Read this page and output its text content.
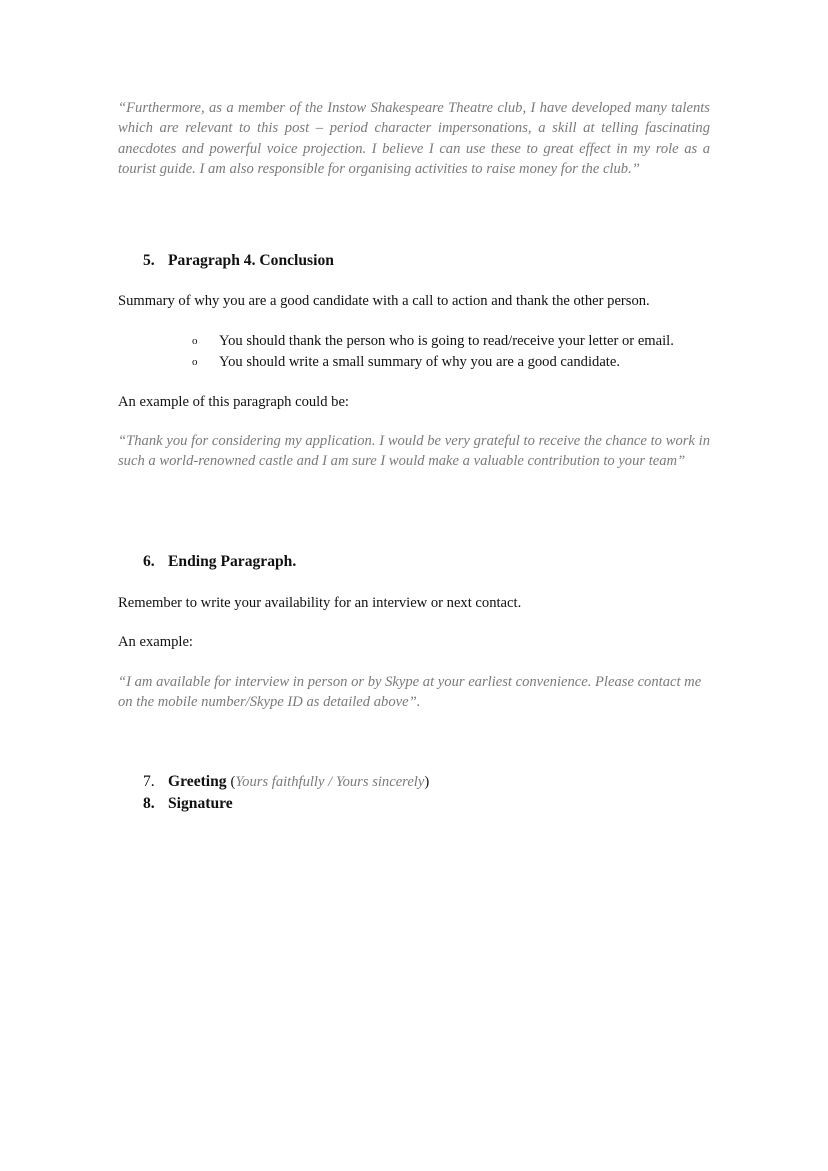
“Furthermore, as a member of the Instow Shakespeare Theatre club, I have developed many talents which are relevant to this post – period character impersonations, a skill at telling fascinating anecdotes and powerful voice projection. I believe I can use these to great effect in my role as a tourist guide. I am also responsible for organising activities to raise money for the club.”

5. Paragraph 4. Conclusion

Summary of why you are a good candidate with a call to action and thank the other person.

o You should thank the person who is going to read/receive your letter or email.
o You should write a small summary of why you are a good candidate.

An example of this paragraph could be:

“Thank you for considering my application. I would be very grateful to receive the chance to work in such a world-renowned castle and I am sure I would make a valuable contribution to your team”

6. Ending Paragraph.

Remember to write your availability for an interview or next contact.

An example:

“I am available for interview in person or by Skype at your earliest convenience. Please contact me on the mobile number/Skype ID as detailed above”.

7. Greeting (Yours faithfully / Yours sincerely)
8. Signature
